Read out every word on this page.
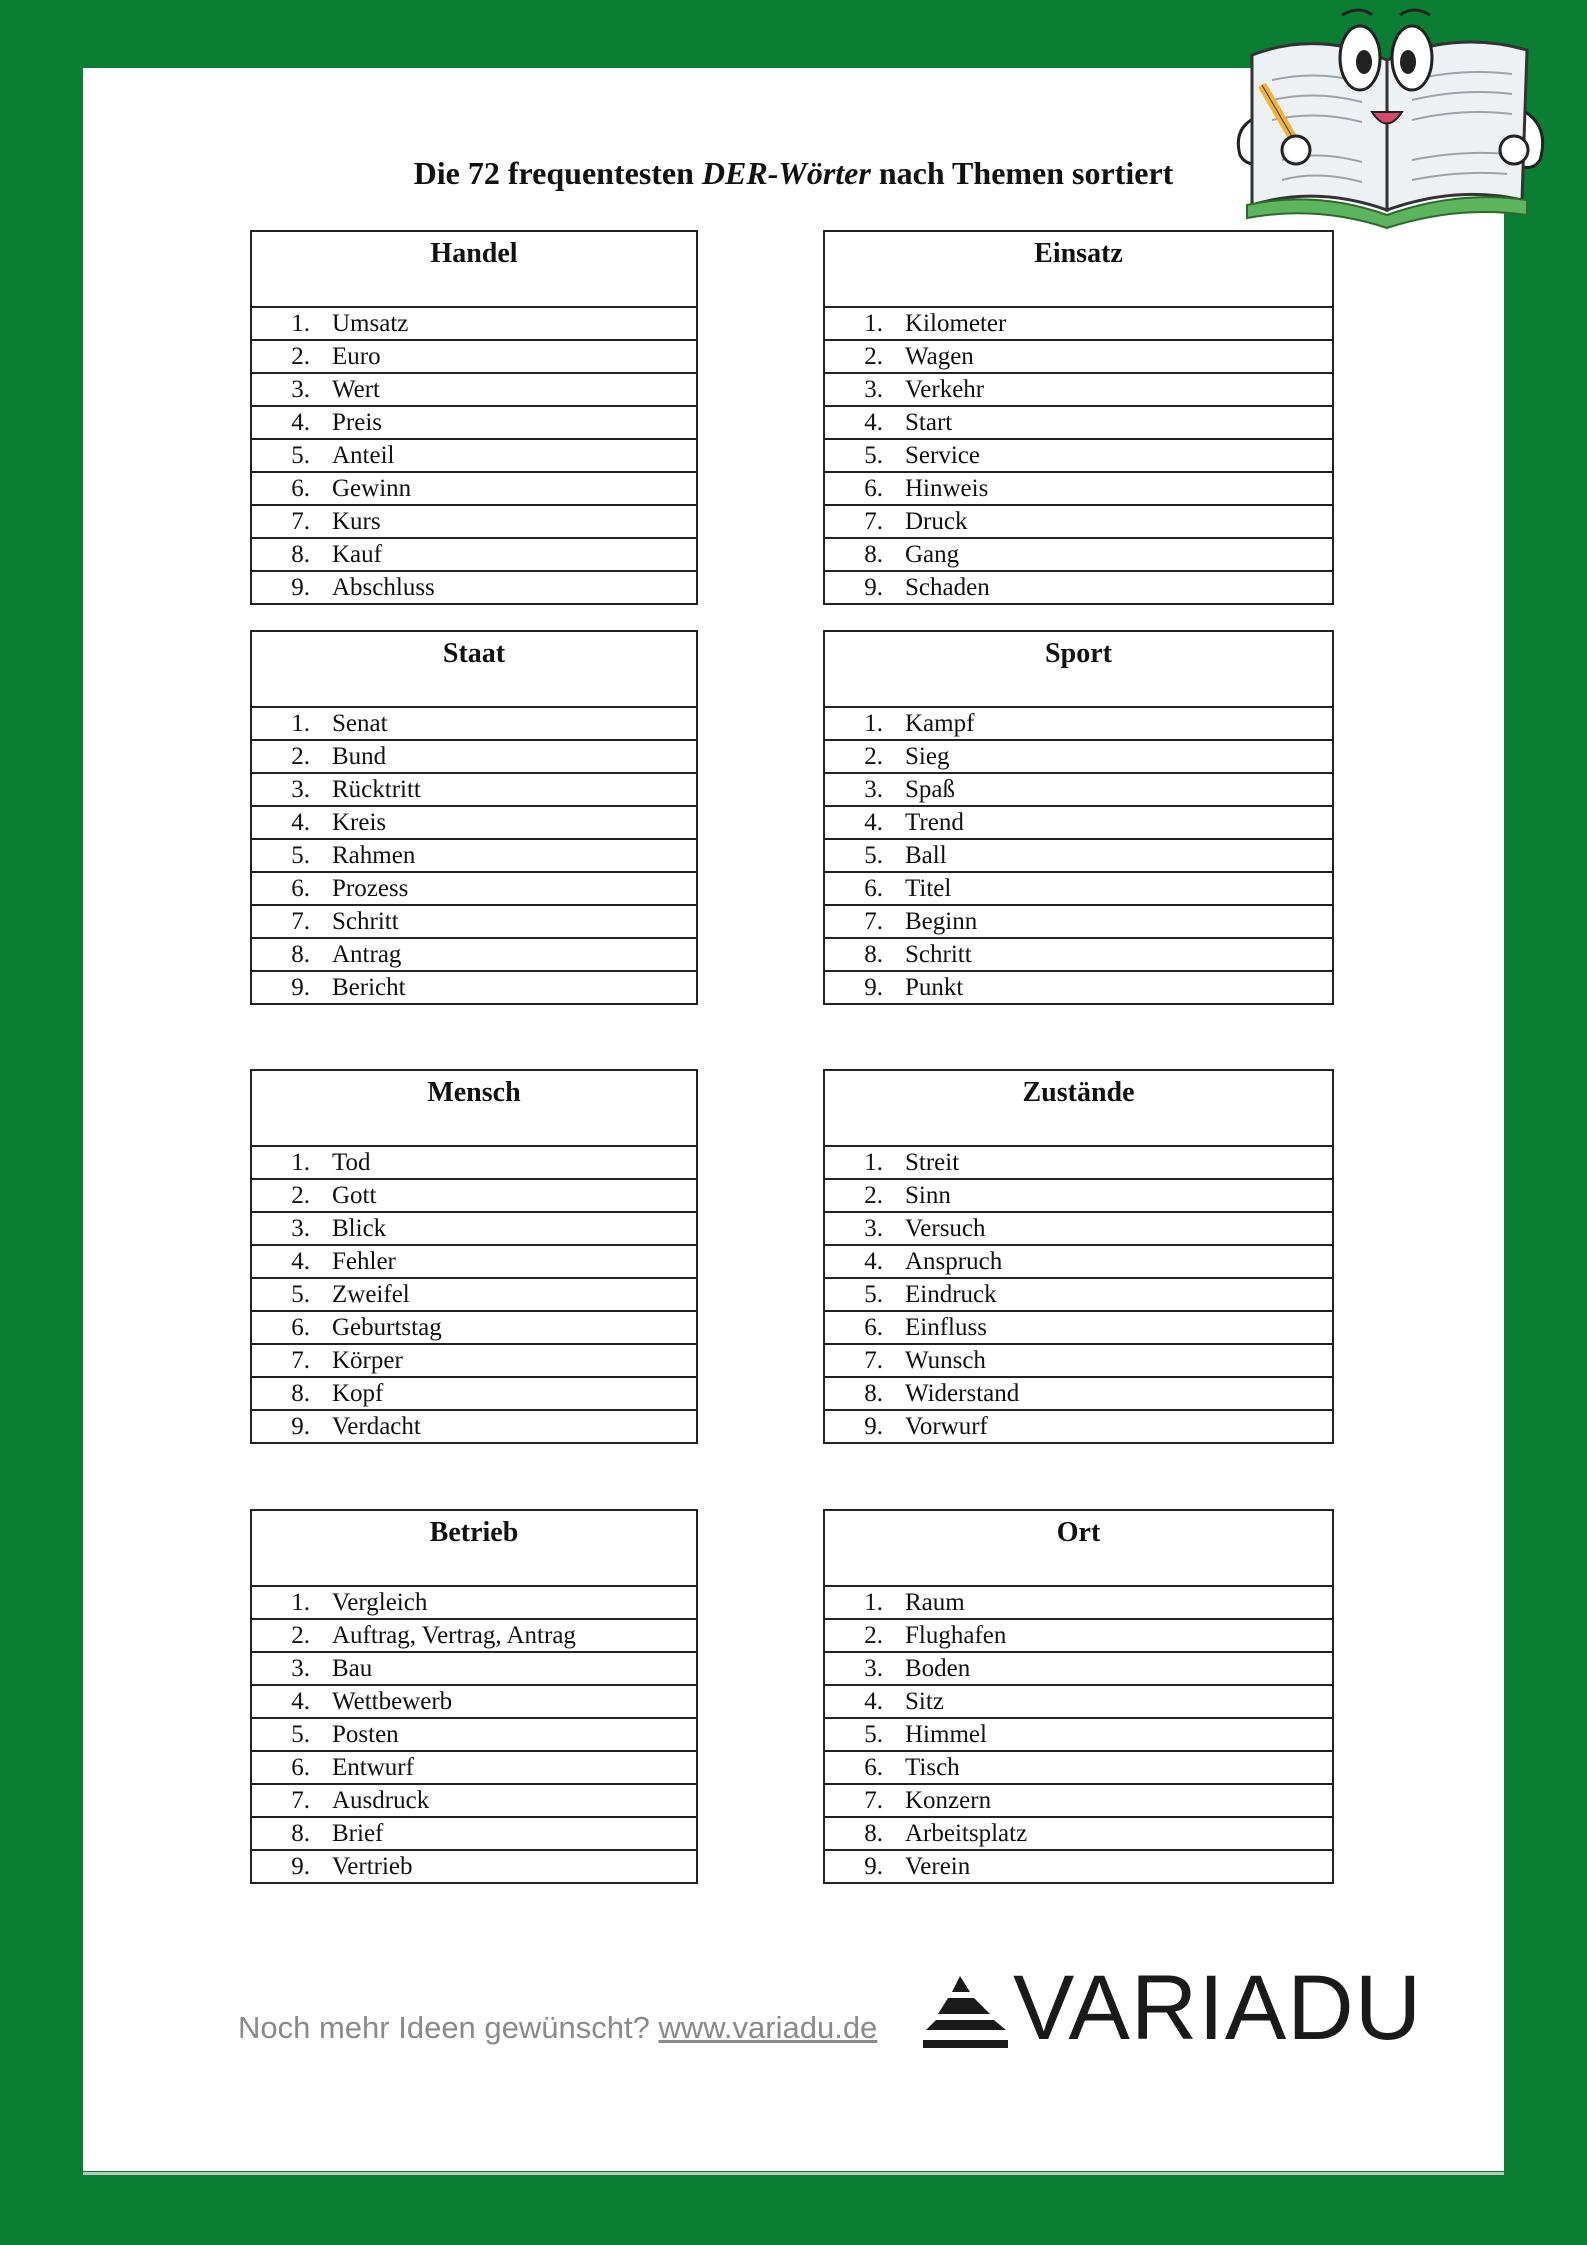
Die 72 frequentesten DER-Wörter nach Themen sortiert
Handel
1. Umsatz
2. Euro
3. Wert
4. Preis
5. Anteil
6. Gewinn
7. Kurs
8. Kauf
9. Abschluss
Einsatz
1. Kilometer
2. Wagen
3. Verkehr
4. Start
5. Service
6. Hinweis
7. Druck
8. Gang
9. Schaden
Staat
1. Senat
2. Bund
3. Rücktritt
4. Kreis
5. Rahmen
6. Prozess
7. Schritt
8. Antrag
9. Bericht
Sport
1. Kampf
2. Sieg
3. Spaß
4. Trend
5. Ball
6. Titel
7. Beginn
8. Schritt
9. Punkt
Mensch
1. Tod
2. Gott
3. Blick
4. Fehler
5. Zweifel
6. Geburtstag
7. Körper
8. Kopf
9. Verdacht
Zustände
1. Streit
2. Sinn
3. Versuch
4. Anspruch
5. Eindruck
6. Einfluss
7. Wunsch
8. Widerstand
9. Vorwurf
Betrieb
1. Vergleich
2. Auftrag, Vertrag, Antrag
3. Bau
4. Wettbewerb
5. Posten
6. Entwurf
7. Ausdruck
8. Brief
9. Vertrieb
Ort
1. Raum
2. Flughafen
3. Boden
4. Sitz
5. Himmel
6. Tisch
7. Konzern
8. Arbeitsplatz
9. Verein
Noch mehr Ideen gewünscht? www.variadu.de VARIADU
